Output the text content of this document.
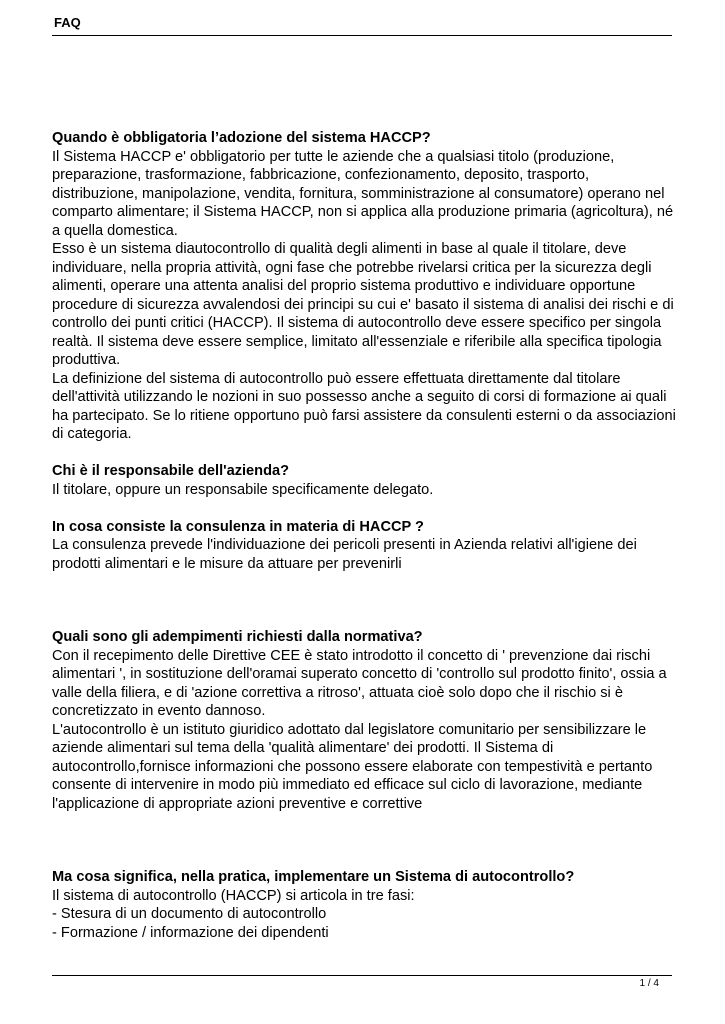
FAQ

Quando è obbligatoria l’adozione del sistema HACCP?

Il Sistema HACCP e' obbligatorio per tutte le aziende che a qualsiasi titolo (produzione, preparazione, trasformazione, fabbricazione, confezionamento, deposito, trasporto, distribuzione, manipolazione, vendita, fornitura, somministrazione al consumatore) operano nel comparto alimentare; il Sistema HACCP, non si applica alla produzione primaria (agricoltura), né a quella domestica.

Esso è un sistema diautocontrollo di qualità degli alimenti in base al quale il titolare, deve individuare, nella propria attività, ogni fase che potrebbe rivelarsi critica per la sicurezza degli alimenti, operare una attenta analisi del proprio sistema produttivo e individuare opportune procedure di sicurezza avvalendosi dei principi su cui e' basato il sistema di analisi dei rischi e di controllo dei punti critici (HACCP). Il sistema di autocontrollo deve essere specifico per singola realtà. Il sistema deve essere semplice, limitato all'essenziale e riferibile alla specifica tipologia produttiva.

La definizione del sistema di autocontrollo può essere effettuata direttamente dal titolare dell'attività utilizzando le nozioni in suo possesso anche a seguito di corsi di formazione ai quali ha partecipato. Se lo ritiene opportuno può farsi assistere da consulenti esterni o da associazioni di categoria.

Chi è il responsabile dell'azienda?

Il titolare, oppure un responsabile specificamente delegato.

In cosa consiste la consulenza in materia di HACCP ?

La consulenza prevede l'individuazione dei pericoli presenti in Azienda relativi all'igiene dei prodotti alimentari e le misure da attuare per prevenirli

Quali sono gli adempimenti richiesti dalla normativa?

Con il recepimento delle Direttive CEE è stato introdotto il concetto di ' prevenzione dai rischi alimentari ', in sostituzione dell'oramai superato concetto di 'controllo sul prodotto finito', ossia a valle della filiera, e di 'azione correttiva a ritroso', attuata cioè solo dopo che il rischio si è concretizzato in evento dannoso.

L'autocontrollo è un istituto giuridico adottato dal legislatore comunitario per sensibilizzare le aziende alimentari sul tema della 'qualità alimentare' dei prodotti. Il Sistema di autocontrollo,fornisce informazioni che possono essere elaborate con tempestività e pertanto consente di intervenire in modo più immediato ed efficace sul ciclo di lavorazione, mediante l'applicazione di appropriate azioni preventive e correttive

Ma cosa significa, nella pratica, implementare un Sistema di autocontrollo?

Il sistema di autocontrollo (HACCP) si articola in tre fasi:

- Stesura di un documento di autocontrollo

- Formazione / informazione dei dipendenti

1 / 4
